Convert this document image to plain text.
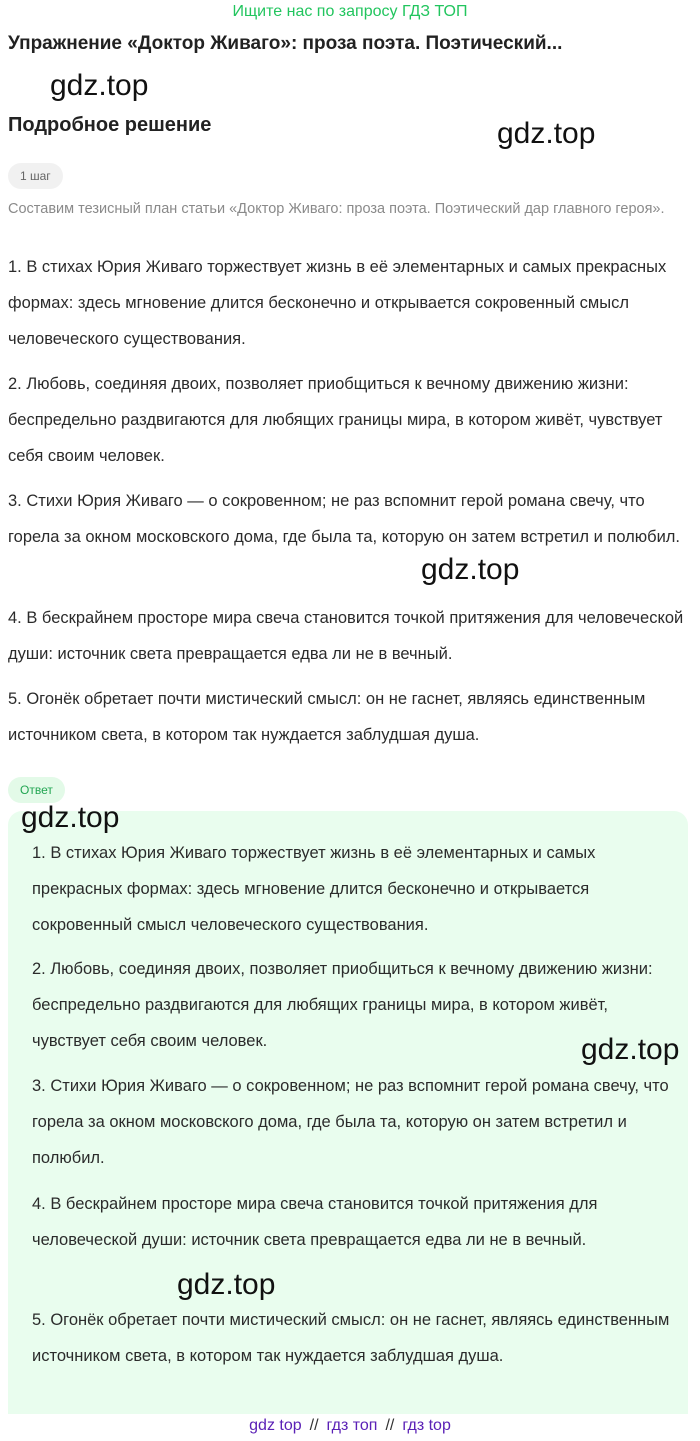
Ищите нас по запросу ГДЗ ТОП
Упражнение «Доктор Живаго»: проза поэта. Поэтический...
Подробное решение
1 шаг
Составим тезисный план статьи «Доктор Живаго: проза поэта. Поэтический дар главного героя».
1. В стихах Юрия Живаго торжествует жизнь в её элементарных и самых прекрасных формах: здесь мгновение длится бесконечно и открывается сокровенный смысл человеческого существования.
2. Любовь, соединяя двоих, позволяет приобщиться к вечному движению жизни: беспредельно раздвигаются для любящих границы мира, в котором живёт, чувствует себя своим человек.
3. Стихи Юрия Живаго — о сокровенном; не раз вспомнит герой романа свечу, что горела за окном московского дома, где была та, которую он затем встретил и полюбил.
4. В бескрайнем просторе мира свеча становится точкой притяжения для человеческой души: источник света превращается едва ли не в вечный.
5. Огонёк обретает почти мистический смысл: он не гаснет, являясь единственным источником света, в котором так нуждается заблудшая душа.
Ответ
1. В стихах Юрия Живаго торжествует жизнь в её элементарных и самых прекрасных формах: здесь мгновение длится бесконечно и открывается сокровенный смысл человеческого существования.
2. Любовь, соединяя двоих, позволяет приобщиться к вечному движению жизни: беспредельно раздвигаются для любящих границы мира, в котором живёт, чувствует себя своим человек.
3. Стихи Юрия Живаго — о сокровенном; не раз вспомнит герой романа свечу, что горела за окном московского дома, где была та, которую он затем встретил и полюбил.
4. В бескрайнем просторе мира свеча становится точкой притяжения для человеческой души: источник света превращается едва ли не в вечный.
5. Огонёк обретает почти мистический смысл: он не гаснет, являясь единственным источником света, в котором так нуждается заблудшая душа.
gdz.top
gdz.top
gdz.top
gdz.top
gdz.top
gdz.top
gdz top // гдз топ // гдз top
